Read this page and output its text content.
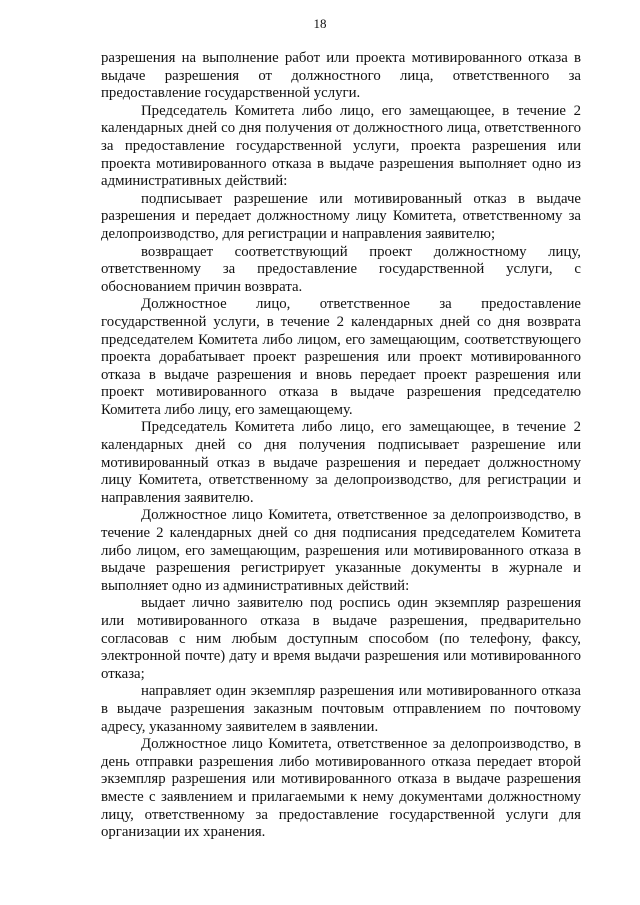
18

разрешения на выполнение работ или проекта мотивированного отказа в выдаче разрешения от должностного лица, ответственного за предоставление государственной услуги.

Председатель Комитета либо лицо, его замещающее, в течение 2 календарных дней со дня получения от должностного лица, ответственного за предоставление государственной услуги, проекта разрешения или проекта мотивированного отказа в выдаче разрешения выполняет одно из административных действий:

подписывает разрешение или мотивированный отказ в выдаче разрешения и передает должностному лицу Комитета, ответственному за делопроизводство, для регистрации и направления заявителю;

возвращает соответствующий проект должностному лицу, ответственному за предоставление государственной услуги, с обоснованием причин возврата.

Должностное лицо, ответственное за предоставление государственной услуги, в течение 2 календарных дней со дня возврата председателем Комитета либо лицом, его замещающим, соответствующего проекта дорабатывает проект разрешения или проект мотивированного отказа в выдаче разрешения и вновь передает проект разрешения или проект мотивированного отказа в выдаче разрешения председателю Комитета либо лицу, его замещающему.

Председатель Комитета либо лицо, его замещающее, в течение 2 календарных дней со дня получения подписывает разрешение или мотивированный отказ в выдаче разрешения и передает должностному лицу Комитета, ответственному за делопроизводство, для регистрации и направления заявителю.

Должностное лицо Комитета, ответственное за делопроизводство, в течение 2 календарных дней со дня подписания председателем Комитета либо лицом, его замещающим, разрешения или мотивированного отказа в выдаче разрешения регистрирует указанные документы в журнале и выполняет одно из административных действий:

выдает лично заявителю под роспись один экземпляр разрешения или мотивированного отказа в выдаче разрешения, предварительно согласовав с ним любым доступным способом (по телефону, факсу, электронной почте) дату и время выдачи разрешения или мотивированного отказа;

направляет один экземпляр разрешения или мотивированного отказа в выдаче разрешения заказным почтовым отправлением по почтовому адресу, указанному заявителем в заявлении.

Должностное лицо Комитета, ответственное за делопроизводство, в день отправки разрешения либо мотивированного отказа передает второй экземпляр разрешения или мотивированного отказа в выдаче разрешения вместе с заявлением и прилагаемыми к нему документами должностному лицу, ответственному за предоставление государственной услуги для организации их хранения.
